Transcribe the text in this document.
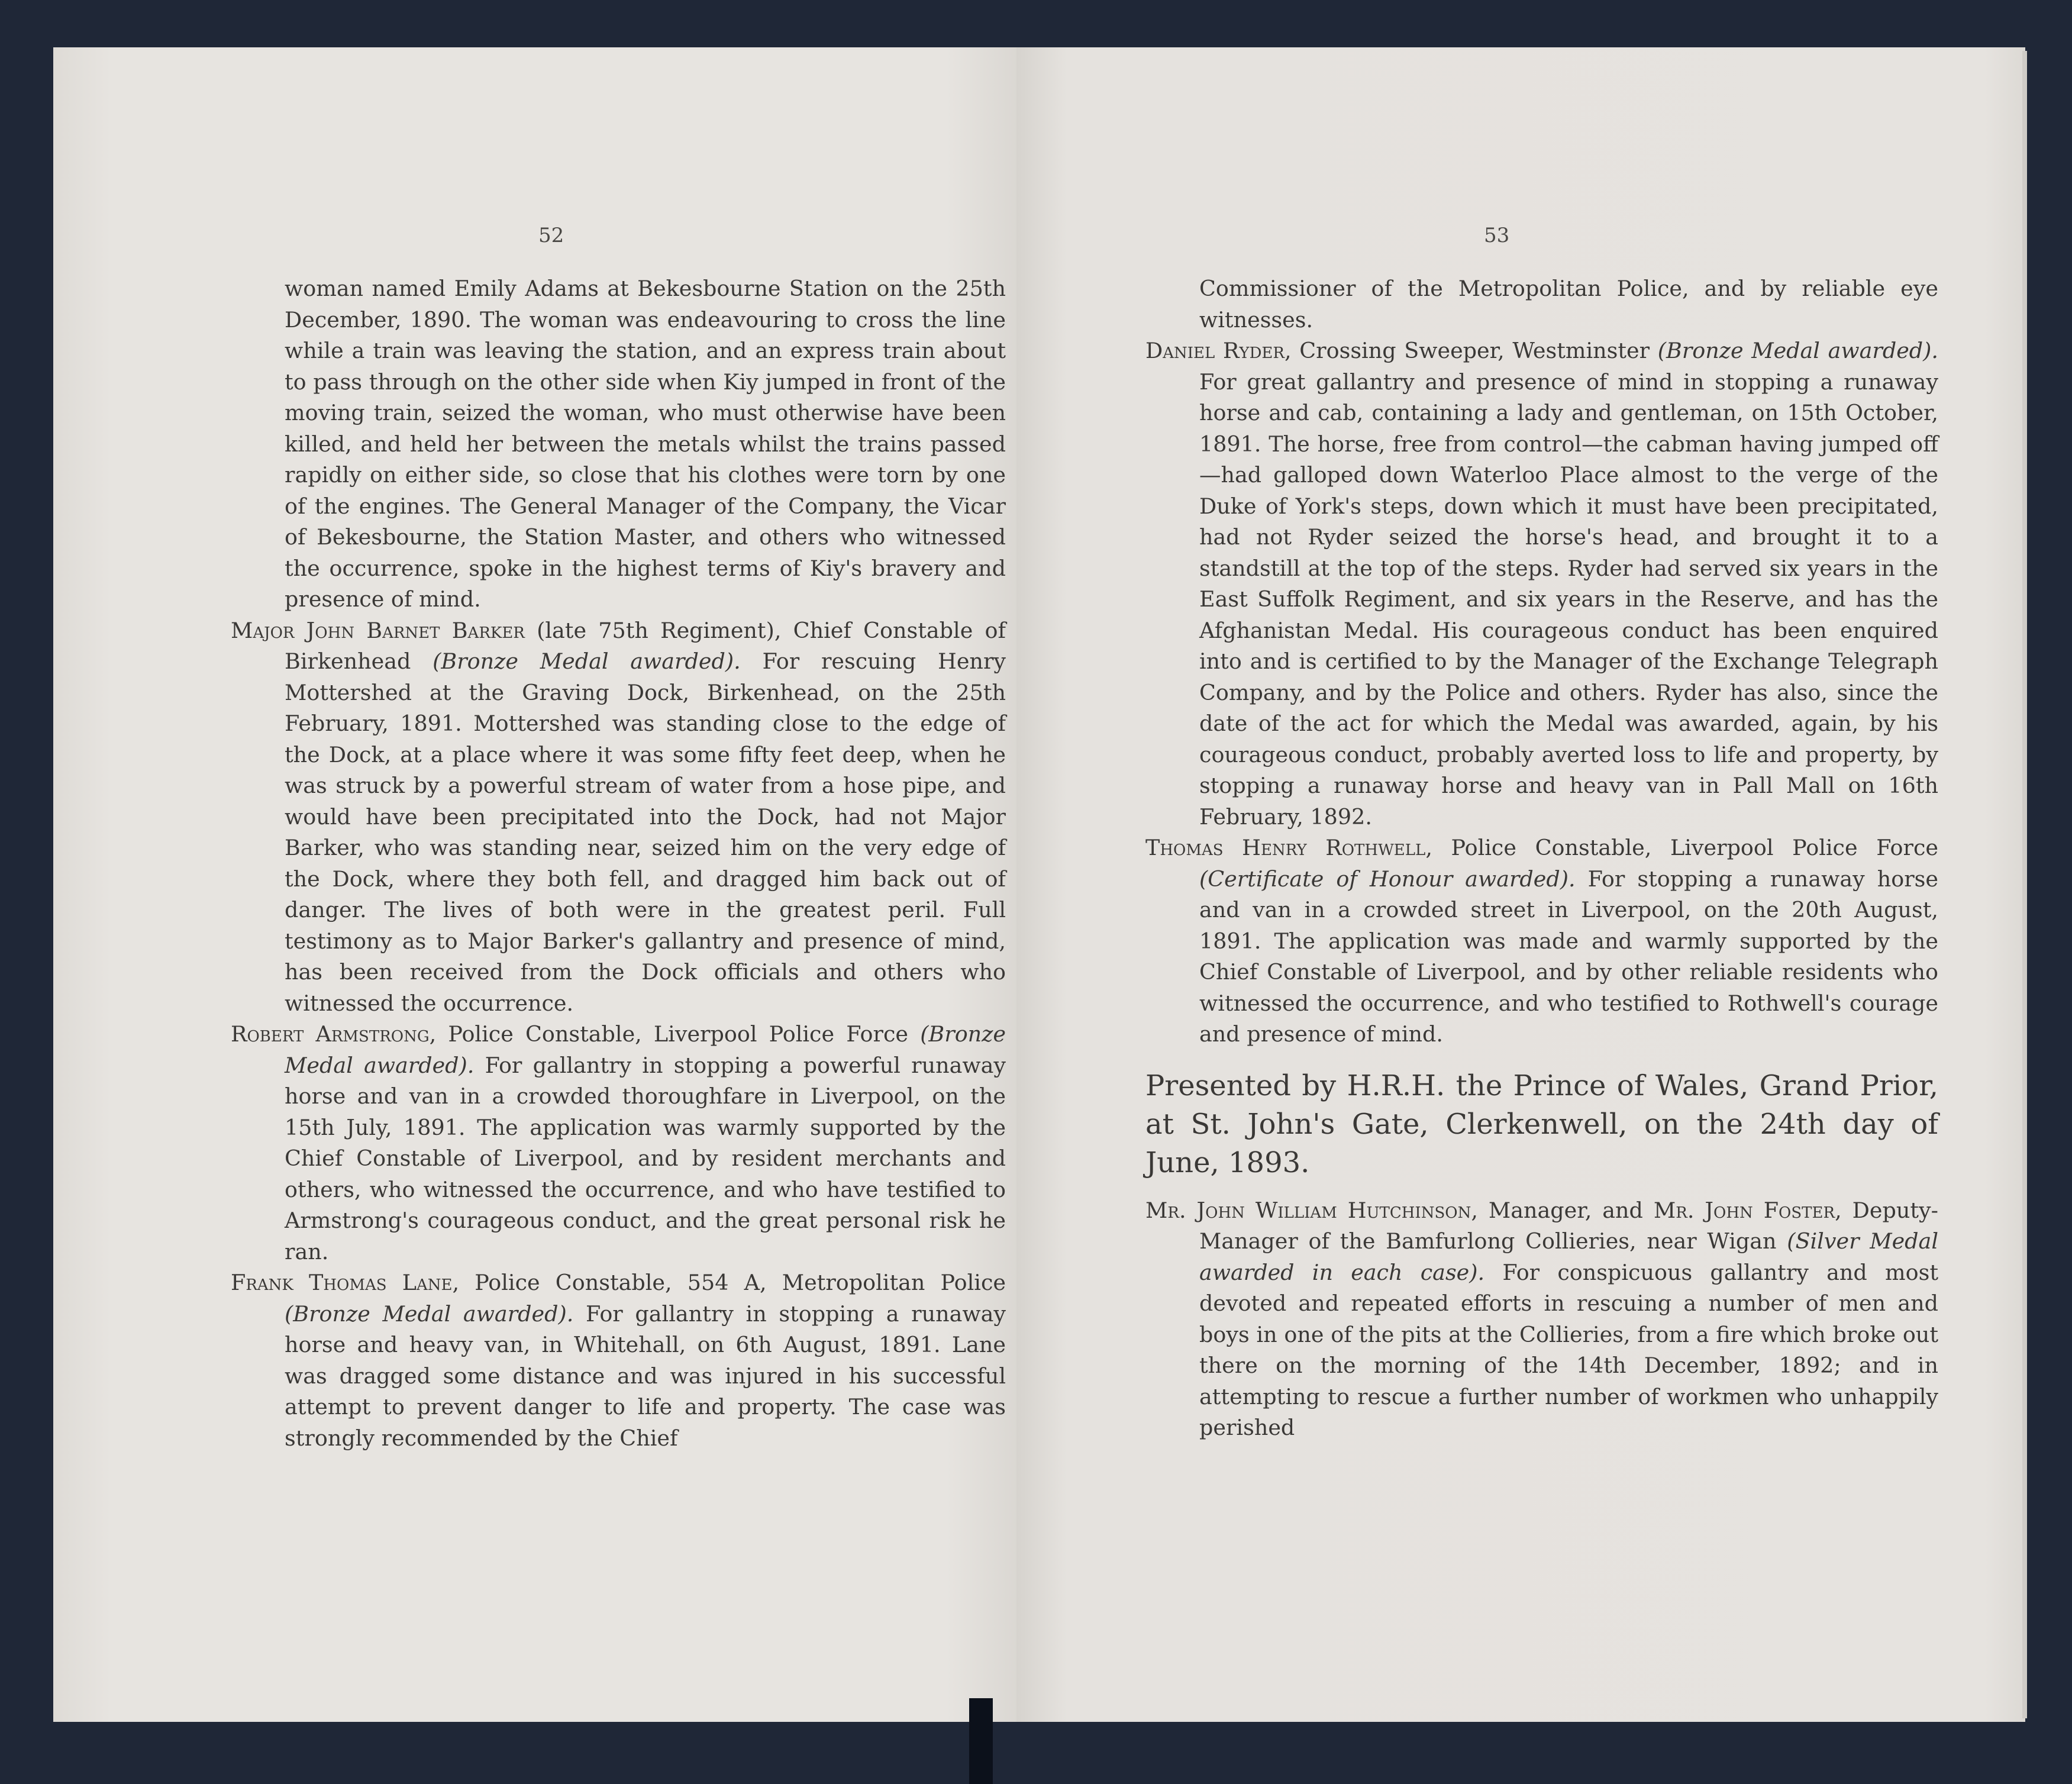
52

woman named Emily Adams at Bekesbourne Station on the 25th December, 1890. The woman was endeavouring to cross the line while a train was leaving the station, and an express train about to pass through on the other side when Kiy jumped in front of the moving train, seized the woman, who must otherwise have been killed, and held her between the metals whilst the trains passed rapidly on either side, so close that his clothes were torn by one of the engines. The General Manager of the Company, the Vicar of Bekesbourne, the Station Master, and others who witnessed the occurrence, spoke in the highest terms of Kiy's bravery and presence of mind.

Major John Barnet Barker (late 75th Regiment), Chief Constable of Birkenhead (Bronze Medal awarded). For rescuing Henry Mottershed at the Graving Dock, Birkenhead, on the 25th February, 1891. Mottershed was standing close to the edge of the Dock, at a place where it was some fifty feet deep, when he was struck by a powerful stream of water from a hose pipe, and would have been precipitated into the Dock, had not Major Barker, who was standing near, seized him on the very edge of the Dock, where they both fell, and dragged him back out of danger. The lives of both were in the greatest peril. Full testimony as to Major Barker's gallantry and presence of mind, has been received from the Dock officials and others who witnessed the occurrence.

Robert Armstrong, Police Constable, Liverpool Police Force (Bronze Medal awarded). For gallantry in stopping a powerful runaway horse and van in a crowded thoroughfare in Liverpool, on the 15th July, 1891. The application was warmly supported by the Chief Constable of Liverpool, and by resident merchants and others, who witnessed the occurrence, and who have testified to Armstrong's courageous conduct, and the great personal risk he ran.

Frank Thomas Lane, Police Constable, 554 A, Metropolitan Police (Bronze Medal awarded). For gallantry in stopping a runaway horse and heavy van, in Whitehall, on 6th August, 1891. Lane was dragged some distance and was injured in his successful attempt to prevent danger to life and property. The case was strongly recommended by the Chief

53

Commissioner of the Metropolitan Police, and by reliable eye witnesses.

Daniel Ryder, Crossing Sweeper, Westminster (Bronze Medal awarded). For great gallantry and presence of mind in stopping a runaway horse and cab, containing a lady and gentleman, on 15th October, 1891. The horse, free from control—the cabman having jumped off—had galloped down Waterloo Place almost to the verge of the Duke of York's steps, down which it must have been precipitated, had not Ryder seized the horse's head, and brought it to a standstill at the top of the steps. Ryder had served six years in the East Suffolk Regiment, and six years in the Reserve, and has the Afghanistan Medal. His courageous conduct has been enquired into and is certified to by the Manager of the Exchange Telegraph Company, and by the Police and others. Ryder has also, since the date of the act for which the Medal was awarded, again, by his courageous conduct, probably averted loss to life and property, by stopping a runaway horse and heavy van in Pall Mall on 16th February, 1892.

Thomas Henry Rothwell, Police Constable, Liverpool Police Force (Certificate of Honour awarded). For stopping a runaway horse and van in a crowded street in Liverpool, on the 20th August, 1891. The application was made and warmly supported by the Chief Constable of Liverpool, and by other reliable residents who witnessed the occurrence, and who testified to Rothwell's courage and presence of mind.

Presented by H.R.H. the Prince of Wales, Grand Prior, at St. John's Gate, Clerkenwell, on the 24th day of June, 1893.

Mr. John William Hutchinson, Manager, and Mr. John Foster, Deputy-Manager of the Bamfurlong Collieries, near Wigan (Silver Medal awarded in each case). For conspicuous gallantry and most devoted and repeated efforts in rescuing a number of men and boys in one of the pits at the Collieries, from a fire which broke out there on the morning of the 14th December, 1892; and in attempting to rescue a further number of workmen who unhappily perished
